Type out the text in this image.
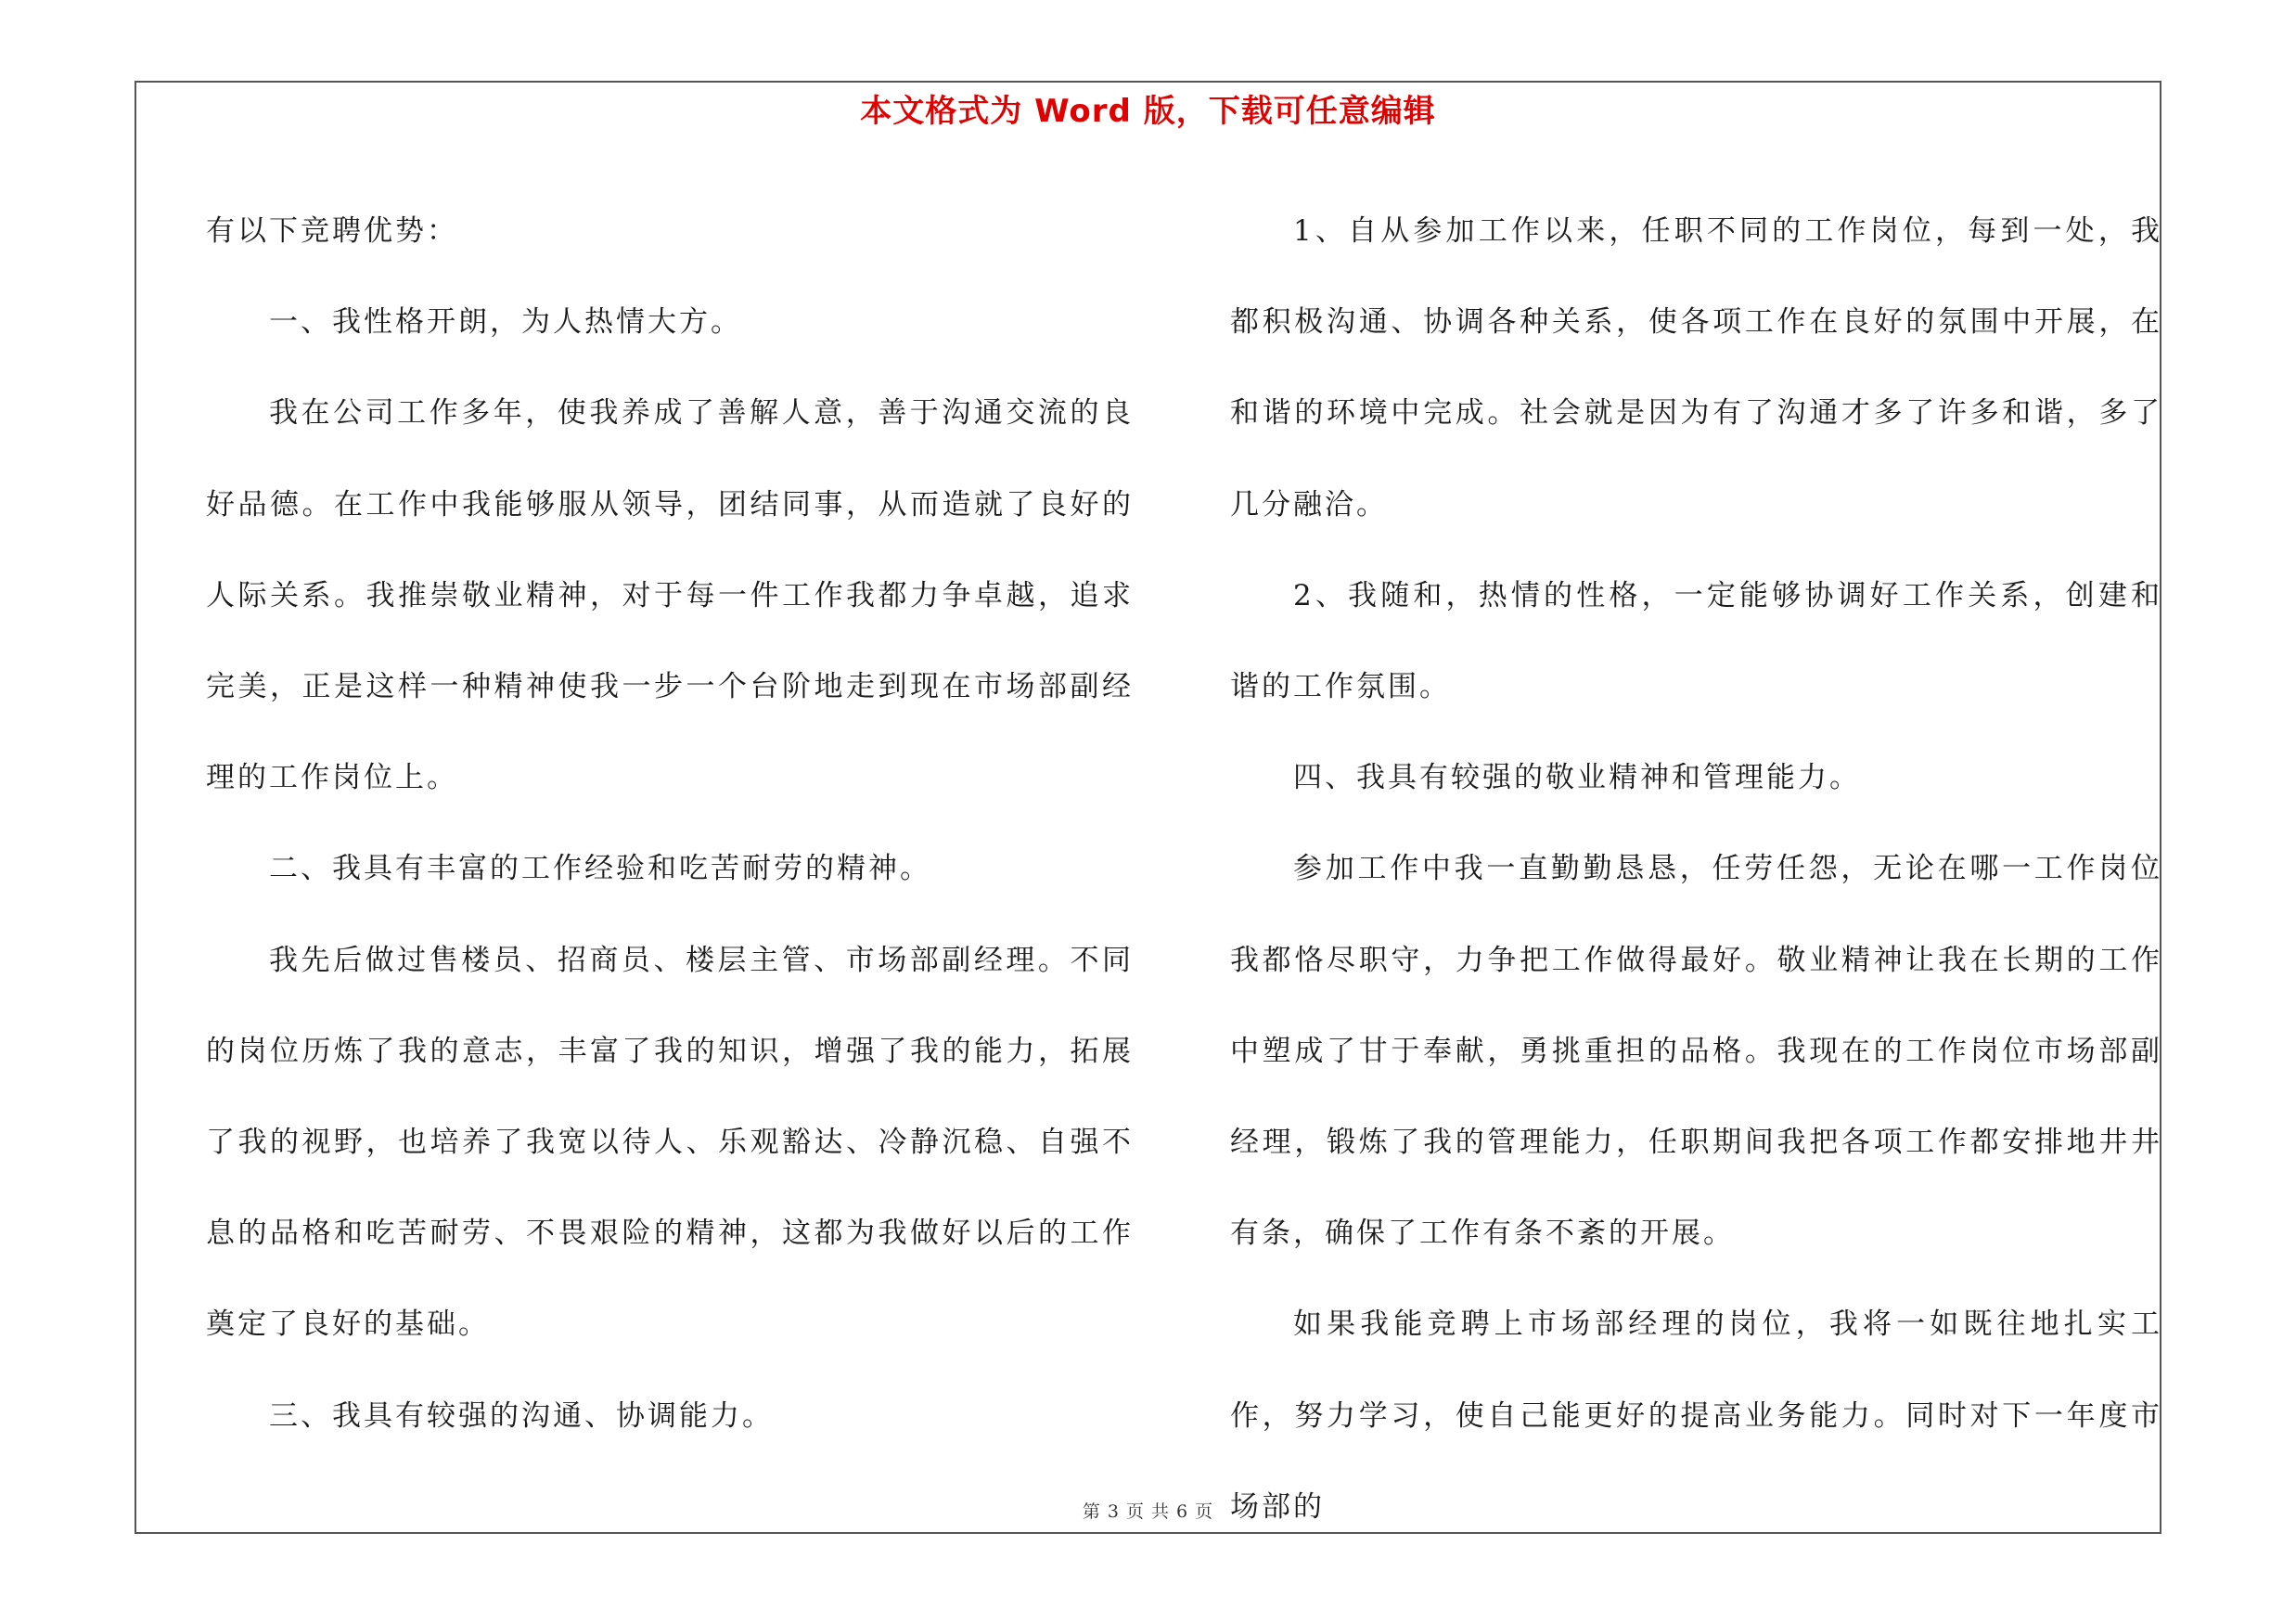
本文格式为 Word 版，下载可任意编辑

有以下竞聘优势：

一、我性格开朗，为人热情大方。

我在公司工作多年，使我养成了善解人意，善于沟通交流的良好品德。在工作中我能够服从领导，团结同事，从而造就了良好的人际关系。我推崇敬业精神，对于每一件工作我都力争卓越，追求完美，正是这样一种精神使我一步一个台阶地走到现在市场部副经理的工作岗位上。

二、我具有丰富的工作经验和吃苦耐劳的精神。

我先后做过售楼员、招商员、楼层主管、市场部副经理。不同的岗位历炼了我的意志，丰富了我的知识，增强了我的能力，拓展了我的视野，也培养了我宽以待人、乐观豁达、冷静沉稳、自强不息的品格和吃苦耐劳、不畏艰险的精神，这都为我做好以后的工作奠定了良好的基础。

三、我具有较强的沟通、协调能力。

1、自从参加工作以来，任职不同的工作岗位，每到一处，我都积极沟通、协调各种关系，使各项工作在良好的氛围中开展，在和谐的环境中完成。社会就是因为有了沟通才多了许多和谐，多了几分融洽。

2、我随和，热情的性格，一定能够协调好工作关系，创建和谐的工作氛围。

四、我具有较强的敬业精神和管理能力。

参加工作中我一直勤勤恳恳，任劳任怨，无论在哪一工作岗位我都恪尽职守，力争把工作做得最好。敬业精神让我在长期的工作中塑成了甘于奉献，勇挑重担的品格。我现在的工作岗位市场部副经理，锻炼了我的管理能力，任职期间我把各项工作都安排地井井有条，确保了工作有条不紊的开展。

如果我能竞聘上市场部经理的岗位，我将一如既往地扎实工作，努力学习，使自己能更好的提高业务能力。同时对下一年度市场部的

第 3 页 共 6 页
